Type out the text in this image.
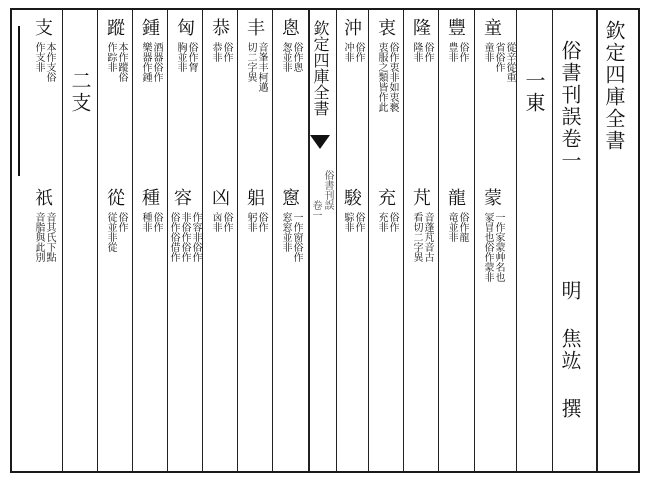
欽定四庫全書
俗書刊誤卷一
明 焦竑 撰
一東
二支	欽定四庫全書
俗書刊誤
卷一
童
從辛從重
省俗作
童非
蒙
一作家蒙艸名也
冡冒也俗作蒙非
豐
俗作
豊非
龍
俗作龍
竜並非
隆
俗作
隆非
芃
音蓬芃音古
看切二字異
衷
俗作衷非如衷褻
衷服之類皆作此
充
俗作
充非
沖
俗作
冲非
駿
俗作
騌非
悤
俗作悤
怱並非
窻
一作窗俗作
窓窓並非
丰
音峯丰柯邁
切二字異
躳
俗作
躬非
恭
俗作
恭非
凶
俗作
㐫非
匈
俗作胷
胸並非
容
作容非俗作
非俗作俗作
俗作俗借作
鍾
酒器俗作
樂器作鍾
種
俗作
種非
蹤
本作蹤俗
作踪非
從
俗作
従並非從
支
本作支俗
作支非
祇
音其氏下點
音脂與此別
